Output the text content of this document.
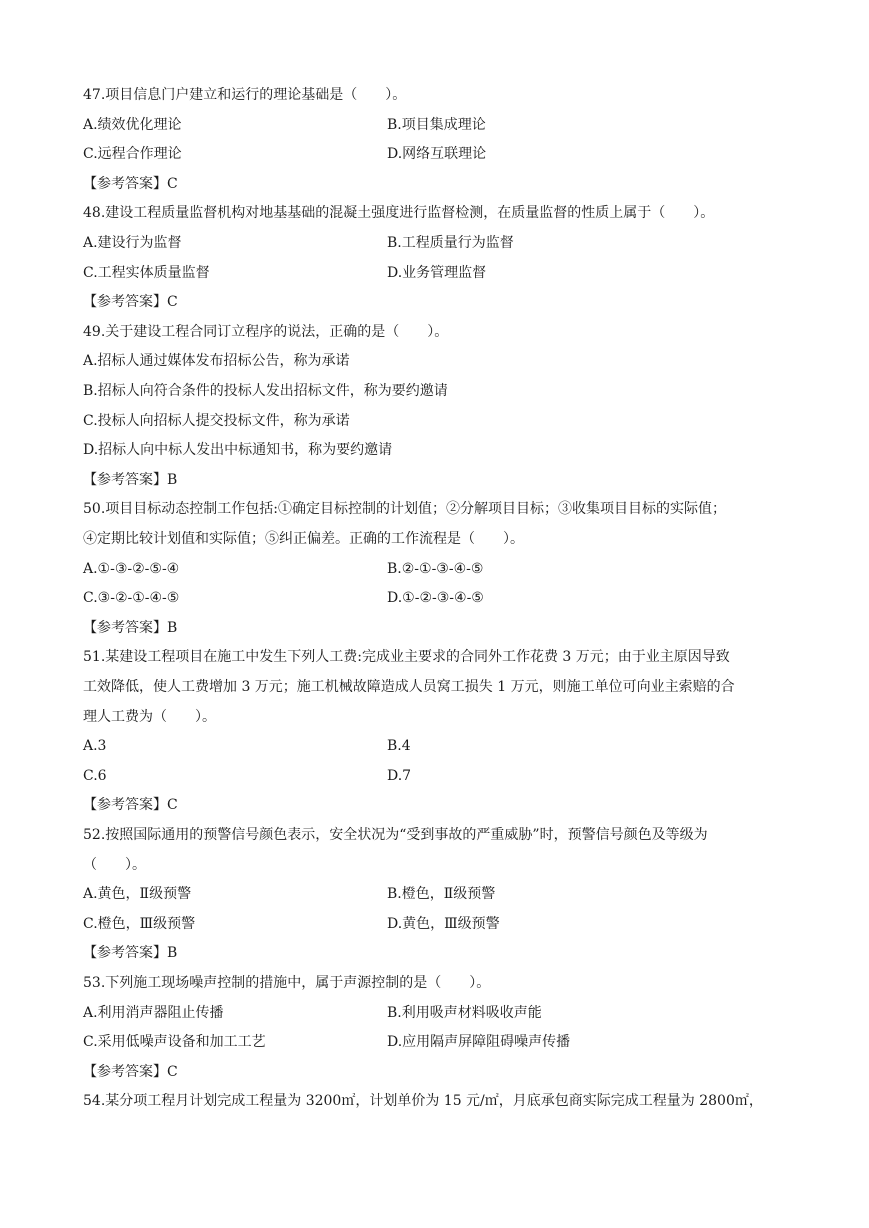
47.项目信息门户建立和运行的理论基础是（　　）。
A.绩效优化理论	B.项目集成理论
C.远程合作理论	D.网络互联理论
【参考答案】C
48.建设工程质量监督机构对地基基础的混凝土强度进行监督检测，在质量监督的性质上属于（　　）。
A.建设行为监督	B.工程质量行为监督
C.工程实体质量监督	D.业务管理监督
【参考答案】C
49.关于建设工程合同订立程序的说法，正确的是（　　）。
A.招标人通过媒体发布招标公告，称为承诺
B.招标人向符合条件的投标人发出招标文件，称为要约邀请
C.投标人向招标人提交投标文件，称为承诺
D.招标人向中标人发出中标通知书，称为要约邀请
【参考答案】B
50.项目目标动态控制工作包括:①确定目标控制的计划值；②分解项目目标；③收集项目目标的实际值；
④定期比较计划值和实际值；⑤纠正偏差。正确的工作流程是（　　）。
A.①-③-②-⑤-④	B.②-①-③-④-⑤
C.③-②-①-④-⑤	D.①-②-③-④-⑤
【参考答案】B
51.某建设工程项目在施工中发生下列人工费:完成业主要求的合同外工作花费 3 万元；由于业主原因导致
工效降低，使人工费增加 3 万元；施工机械故障造成人员窝工损失 1 万元，则施工单位可向业主索赔的合
理人工费为（　　）。
A.3	B.4
C.6	D.7
【参考答案】C
52.按照国际通用的预警信号颜色表示，安全状况为“受到事故的严重威胁”时，预警信号颜色及等级为
（　　）。
A.黄色，Ⅱ级预警	B.橙色，Ⅱ级预警
C.橙色，Ⅲ级预警	D.黄色，Ⅲ级预警
【参考答案】B
53.下列施工现场噪声控制的措施中，属于声源控制的是（　　）。
A.利用消声器阻止传播	B.利用吸声材料吸收声能
C.采用低噪声设备和加工工艺	D.应用隔声屏障阻碍噪声传播
【参考答案】C
54.某分项工程月计划完成工程量为 3200㎡，计划单价为 15 元/㎡，月底承包商实际完成工程量为 2800㎡，
